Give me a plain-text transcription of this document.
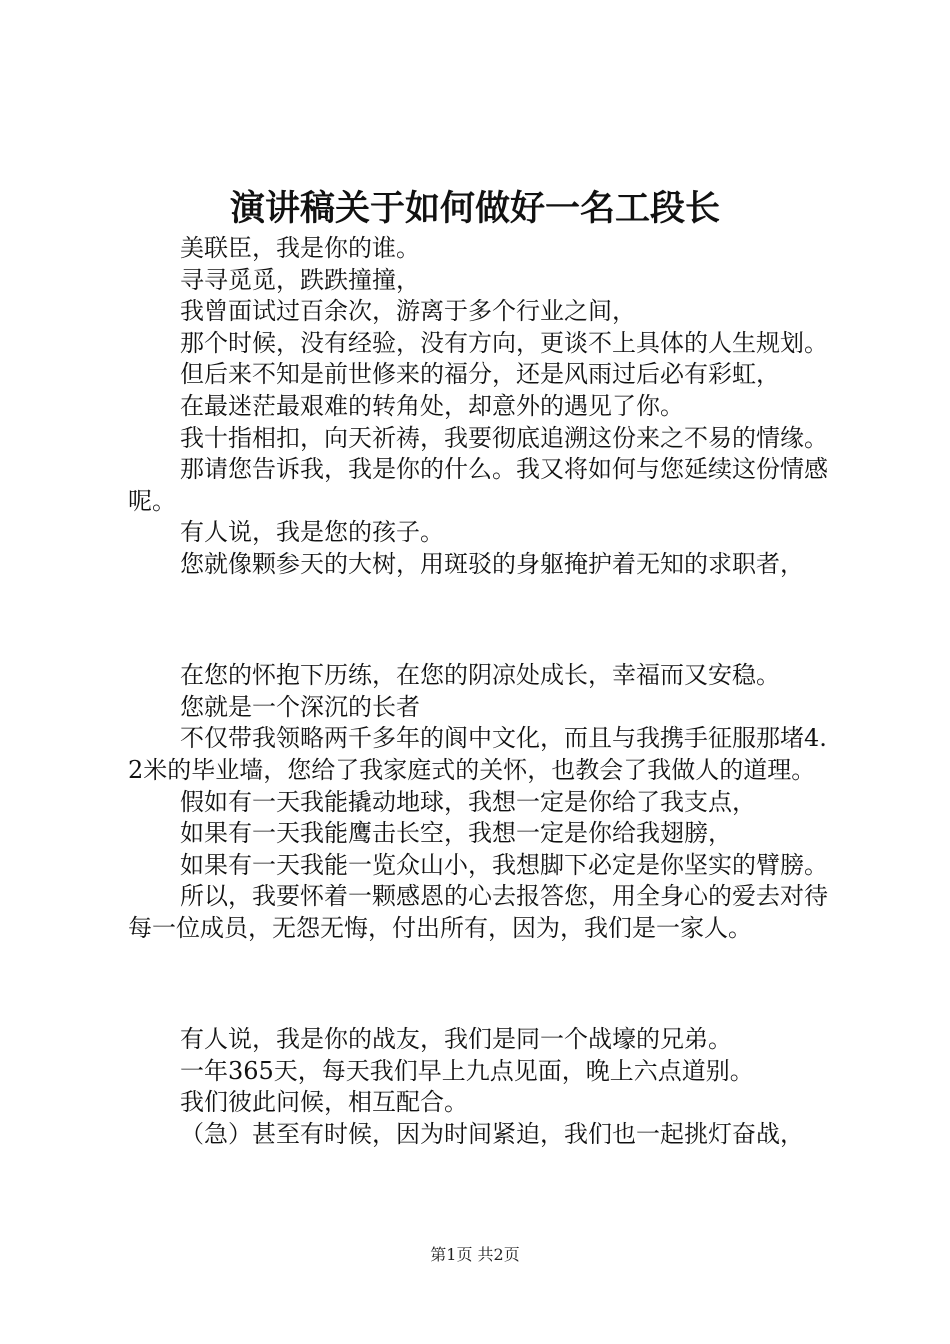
演讲稿关于如何做好一名工段长

美联臣，我是你的谁。

寻寻觅觅，跌跌撞撞，

我曾面试过百余次，游离于多个行业之间，

那个时候，没有经验，没有方向，更谈不上具体的人生规划。

但后来不知是前世修来的福分，还是风雨过后必有彩虹，

在最迷茫最艰难的转角处，却意外的遇见了你。

我十指相扣，向天祈祷，我要彻底追溯这份来之不易的情缘。

那请您告诉我，我是你的什么。我又将如何与您延续这份情感呢。

有人说，我是您的孩子。

您就像颗参天的大树，用斑驳的身躯掩护着无知的求职者，

在您的怀抱下历练，在您的阴凉处成长，幸福而又安稳。

您就是一个深沉的长者

不仅带我领略两千多年的阆中文化，而且与我携手征服那堵4.2米的毕业墙，您给了我家庭式的关怀，也教会了我做人的道理。

假如有一天我能撬动地球，我想一定是你给了我支点，

如果有一天我能鹰击长空，我想一定是你给我翅膀，

如果有一天我能一览众山小，我想脚下必定是你坚实的臂膀。

所以，我要怀着一颗感恩的心去报答您，用全身心的爱去对待每一位成员，无怨无悔，付出所有，因为，我们是一家人。

有人说，我是你的战友，我们是同一个战壕的兄弟。

一年365天，每天我们早上九点见面，晚上六点道别。

我们彼此问候，相互配合。

（急）甚至有时候，因为时间紧迫，我们也一起挑灯奋战，

第1页 共2页
